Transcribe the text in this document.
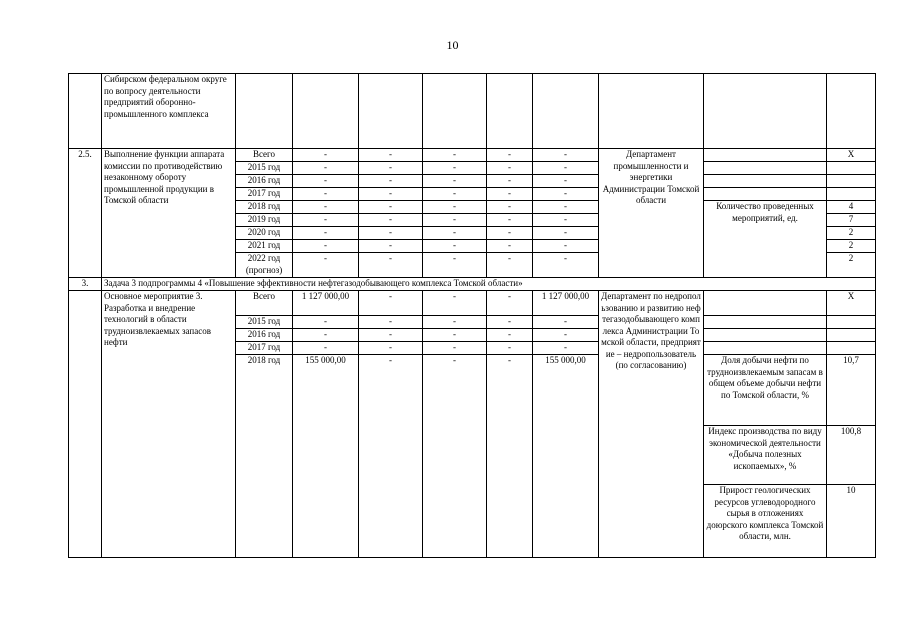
10
	Сибирском федеральном округе
по вопросу деятельности предприятий оборонно-промышленного комплекса									
2.5.	Выполнение функции аппарата комиссии по противодействию незаконному обороту промышленной продукции в Томской области	Всего	-	-	-	-	-	Департамент промышленности и энергетики Администрации Томской области		Х
		2015 год	-	-	-	-	-			
		2016 год	-	-	-	-	-			
		2017 год	-	-	-	-	-			
		2018 год	-	-	-	-	-		Количество проведенных мероприятий, ед.	4
		2019 год	-	-	-	-	-			7
		2020 год	-	-	-	-	-			2
		2021 год	-	-	-	-	-			2
		2022 год (прогноз)	-	-	-	-	-			2
3.	Задача 3 подпрограммы 4 «Повышение эффективности нефтегазодобывающего комплекса Томской области»									
	Основное мероприятие 3. Разработка и внедрение технологий в области трудноизвлекаемых запасов нефти	Всего	1 127 000,00	-	-	-	1 127 000,00	Департамент по недропользованию и развитию нефтегазодобывающего комплекса Администрации Томской области, предприятие – недропользователь (по согласованию)		Х
		2015 год	-	-	-	-	-			
		2016 год	-	-	-	-	-			
		2017 год	-	-	-	-	-			
		2018 год	155 000,00	-	-	-	155 000,00		Доля добычи нефти по трудноизвлекаемым запасам в общем объеме добычи нефти по Томской области, %	10,7
									Индекс производства по виду экономической деятельности «Добыча полезных ископаемых», %	100,8
									Прирост геологических ресурсов углеводородного сырья в отложениях доюрского комплекса Томской области, млн.	10
